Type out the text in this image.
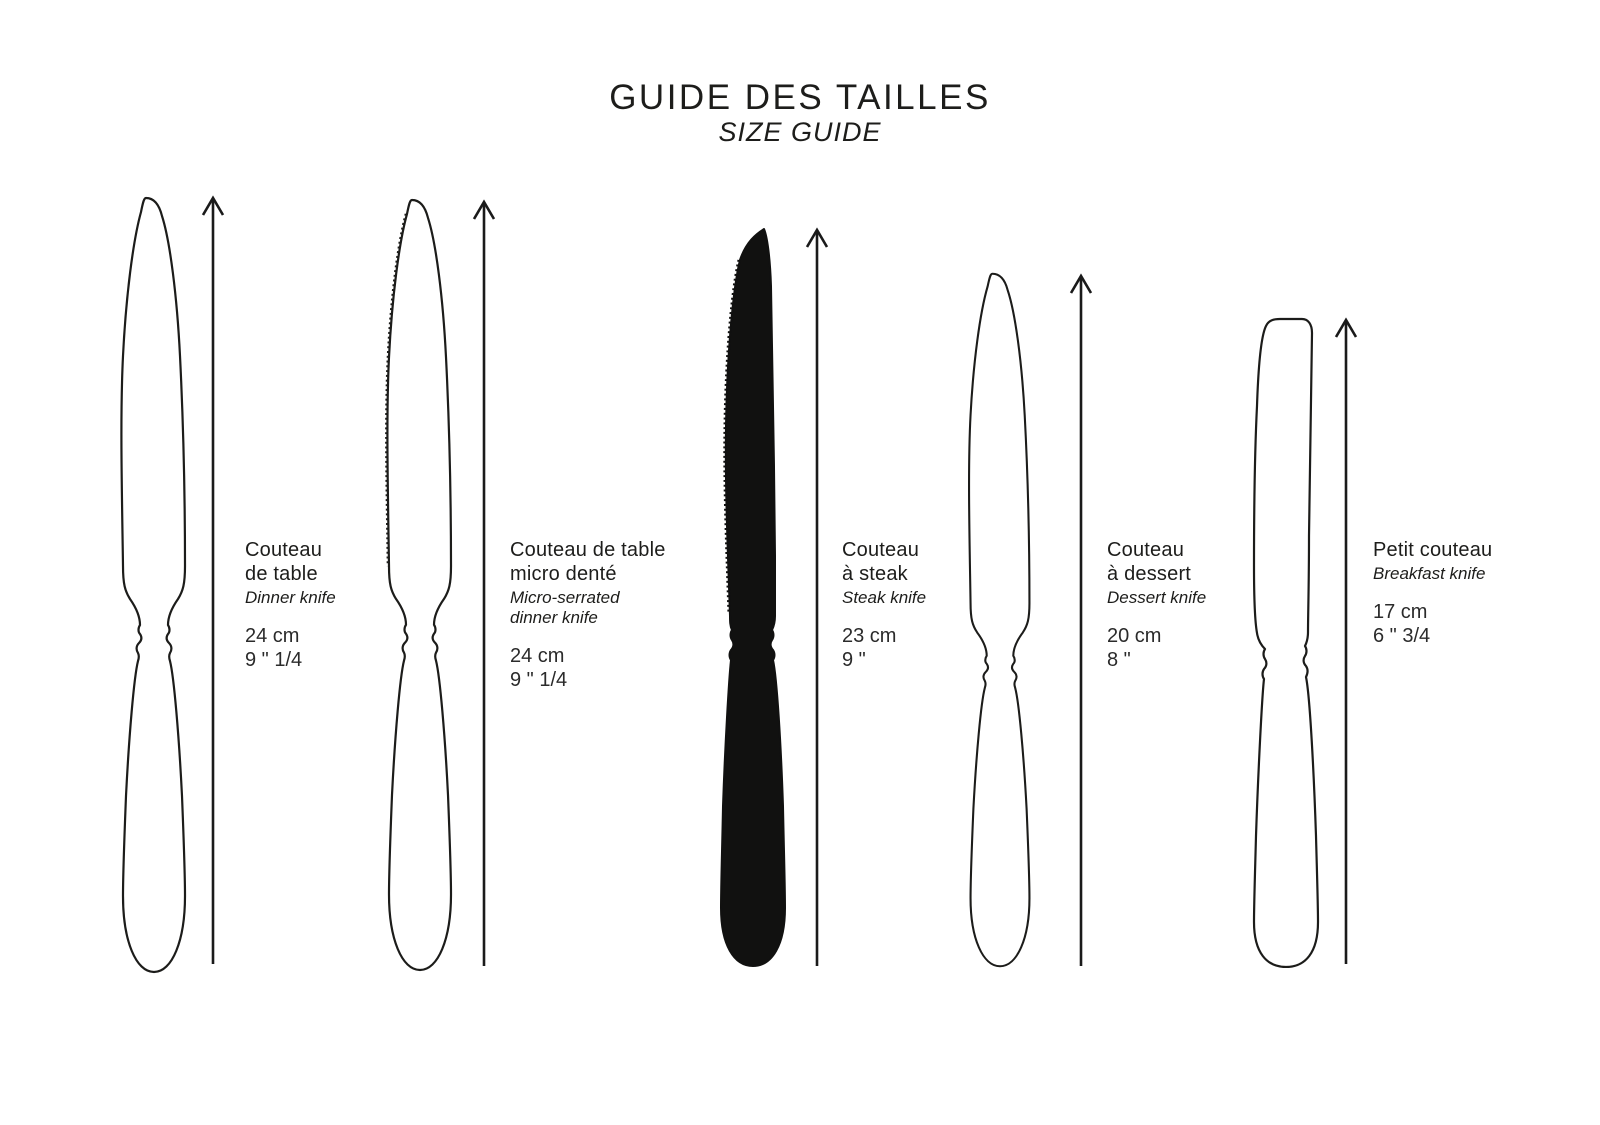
GUIDE DES TAILLES
SIZE GUIDE
Couteau
de table
Dinner knife
24 cm
9 " 1/4
Couteau de table
micro denté
Micro-serrated
dinner knife
24 cm
9 " 1/4
Couteau
à steak
Steak knife
23 cm
9 "
Couteau
à dessert
Dessert knife
20 cm
8 "
Petit couteau
Breakfast knife
17 cm
6 " 3/4
